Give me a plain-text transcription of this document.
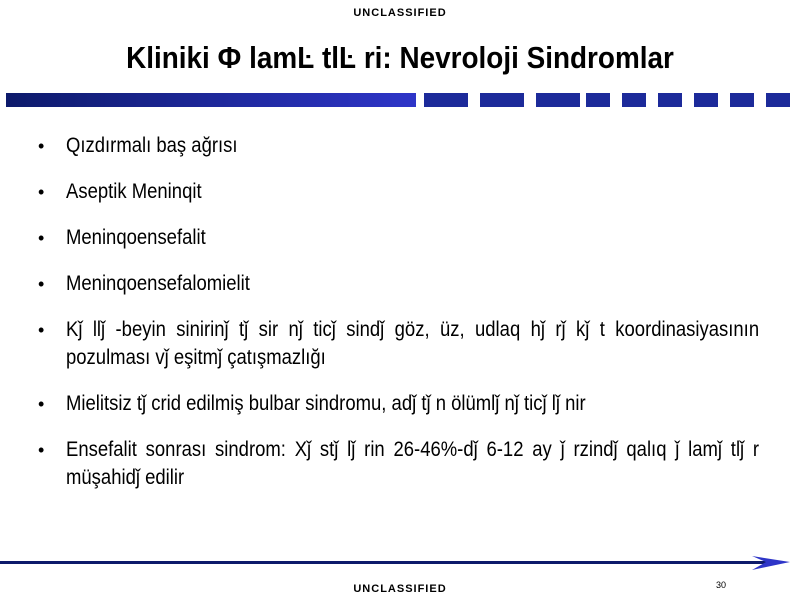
UNCLASSIFIED
Kliniki Ф lamĿ tlĿ ri: Nevroloji Sindromlar
• Qızdırmalı baş ağrısı
• Aseptik Meninqit
• Meninqoensefalit
• Meninqoensefalomielit
• Kǰ llǰ -beyin sinirinǰ tǰ sir nǰ ticǰ sindǰ göz, üz, udlaq hǰ rǰ kǰ t koordinasiyasının pozulması vǰ eşitmǰ çatışmazlığı
• Mielitsiz tǰ crid edilmiş bulbar sindromu, adǰ tǰ n ölümlǰ nǰ ticǰ lǰ nir
• Ensefalit sonrası sindrom: Xǰ stǰ lǰ rin 26-46%-dǰ 6-12 ay ǰ rzindǰ qalıq ǰ lamǰ tlǰ r müşahidǰ edilir
30
UNCLASSIFIED
